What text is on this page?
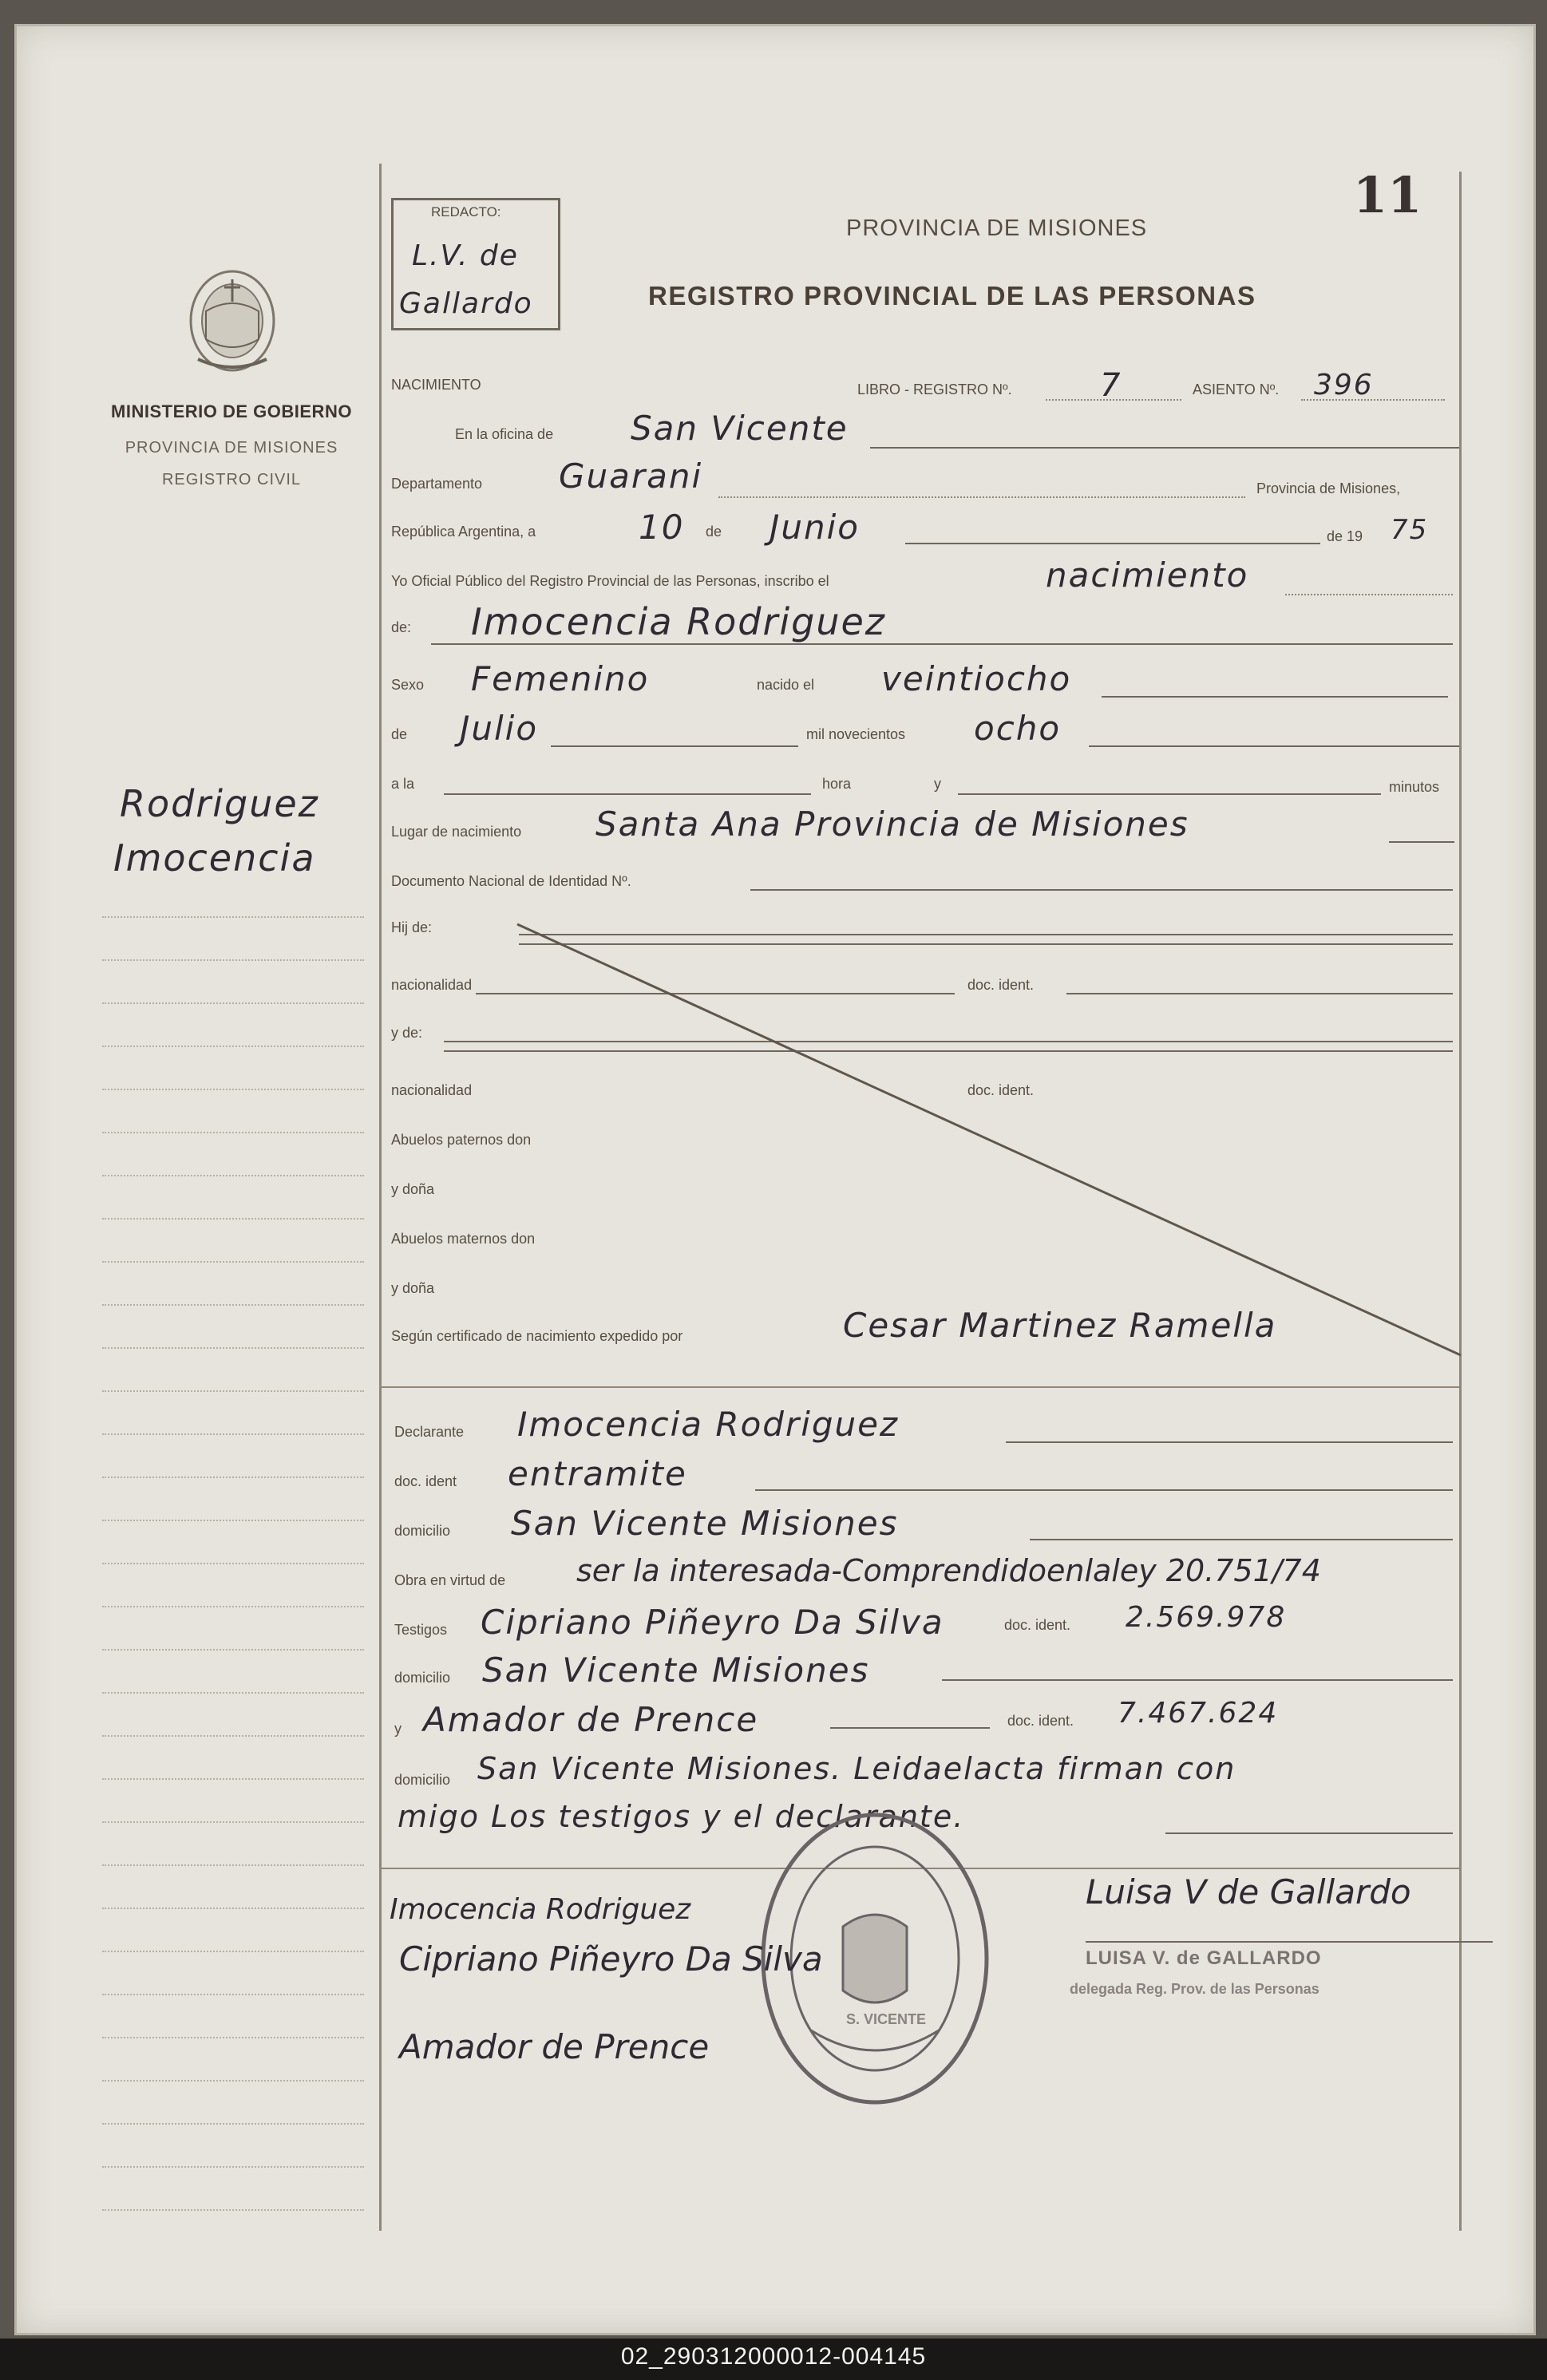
MINISTERIO DE GOBIERNO
PROVINCIA DE MISIONES
REGISTRO CIVIL
Rodriguez
Imocencia
REDACTO:
L.V. de
Gallardo
PROVINCIA DE MISIONES
REGISTRO PROVINCIAL DE LAS PERSONAS
11
NACIMIENTO	LIBRO - REGISTRO Nº.	7	ASIENTO Nº. 396
En la oficina de San Vicente
Departamento Guarani	Provincia de Misiones,
República Argentina, a	10 de Junio	de 19 75
Yo Oficial Público del Registro Provincial de las Personas, inscribo el	nacimiento
de: Imocencia Rodriguez
Sexo Femenino	nacido el veintiocho
de Julio	mil novecientos ocho
a la	hora	y	minutos
Lugar de nacimiento Santa Ana Provincia de Misiones
Documento Nacional de Identidad Nº.
Hij de:
nacionalidad	doc. ident.
y de:
nacionalidad	doc. ident.
Abuelos paternos don
y doña
Abuelos maternos don
y doña
Según certificado de nacimiento expedido por	Cesar Martinez Ramella
Declarante Imocencia Rodriguez
doc. ident entramite
domicilio San Vicente Misiones
Obra en virtud de ser la interesada-Comprendidoenlaley 20.751/74
Testigos Cipriano Piñeyro Da Silva	doc. ident. 2.569.978
domicilio San Vicente Misiones
y Amador de Prence	doc. ident. 7.467.624
domicilio San Vicente Misiones. Leidaelacta firman con
migo Los testigos y el declarante.
S. VICENTE
Imocencia Rodriguez
Cipriano Piñeyro Da Silva
Amador de Prence
Luisa V de Gallardo
LUISA V. de GALLARDO
delegada Reg. Prov. de las Personas
02_290312000012-004145
